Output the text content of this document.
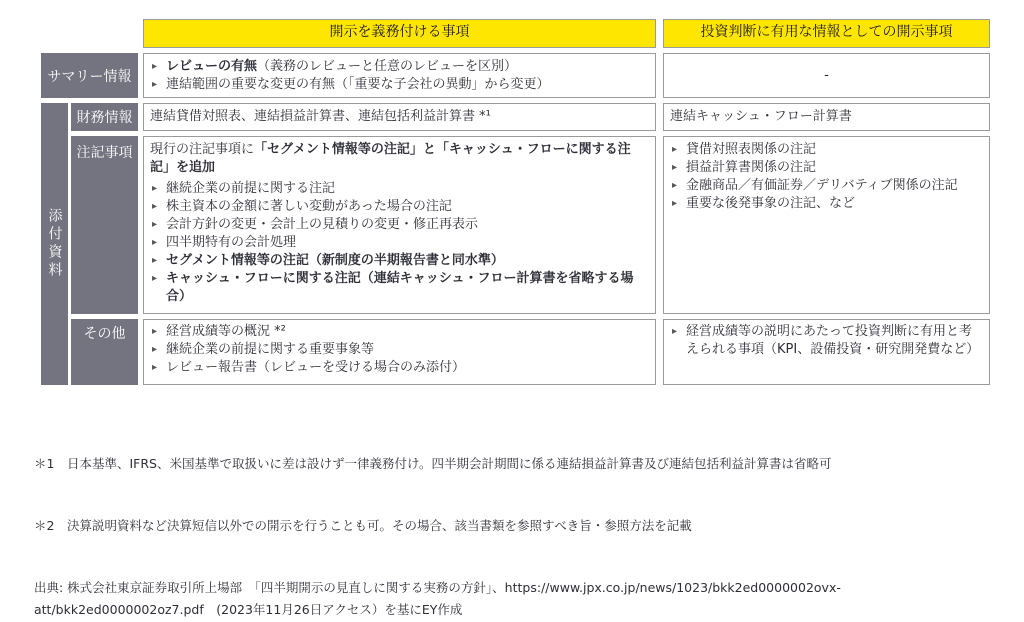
開示を義務付ける事項	投資判断に有用な情報としての開示事項
サマリー情報
▸ レビューの有無（義務のレビューと任意のレビューを区別）
▸ 連結範囲の重要な変更の有無（「重要な子会社の異動」から変更）
-
添付資料
財務情報	連結貸借対照表、連結損益計算書、連結包括利益計算書 *¹	連結キャッシュ・フロー計算書
注記事項	現行の注記事項に「セグメント情報等の注記」と「キャッシュ・フローに関する注記」を追加
▸ 継続企業の前提に関する注記
▸ 株主資本の金額に著しい変動があった場合の注記
▸ 会計方針の変更・会計上の見積りの変更・修正再表示
▸ 四半期特有の会計処理
▸ セグメント情報等の注記（新制度の半期報告書と同水準）
▸ キャッシュ・フローに関する注記（連結キャッシュ・フロー計算書を省略する場合）
▸ 貸借対照表関係の注記
▸ 損益計算書関係の注記
▸ 金融商品／有価証券／デリバティブ関係の注記
▸ 重要な後発事象の注記、など
その他
▸	経営成績等の概況 *²
▸ 継続企業の前提に関する重要事象等
▸ レビュー報告書（レビューを受ける場合のみ添付）
▸ 経営成績等の説明にあたって投資判断に有用と考えられる事項（KPI、設備投資・研究開発費など）
＊1　日本基準、IFRS、米国基準で取扱いに差は設けず一律義務付け。四半期会計期間に係る連結損益計算書及び連結包括利益計算書は省略可
＊2　決算説明資料など決算短信以外での開示を行うことも可。その場合、該当書類を参照すべき旨・参照方法を記載
出典: 株式会社東京証券取引所上場部　「四半期開示の見直しに関する実務の方針」、https://www.jpx.co.jp/news/1023/bkk2ed0000002ovx-
att/bkk2ed0000002oz7.pdf　(2023年11月26日アクセス）を基にEY作成
